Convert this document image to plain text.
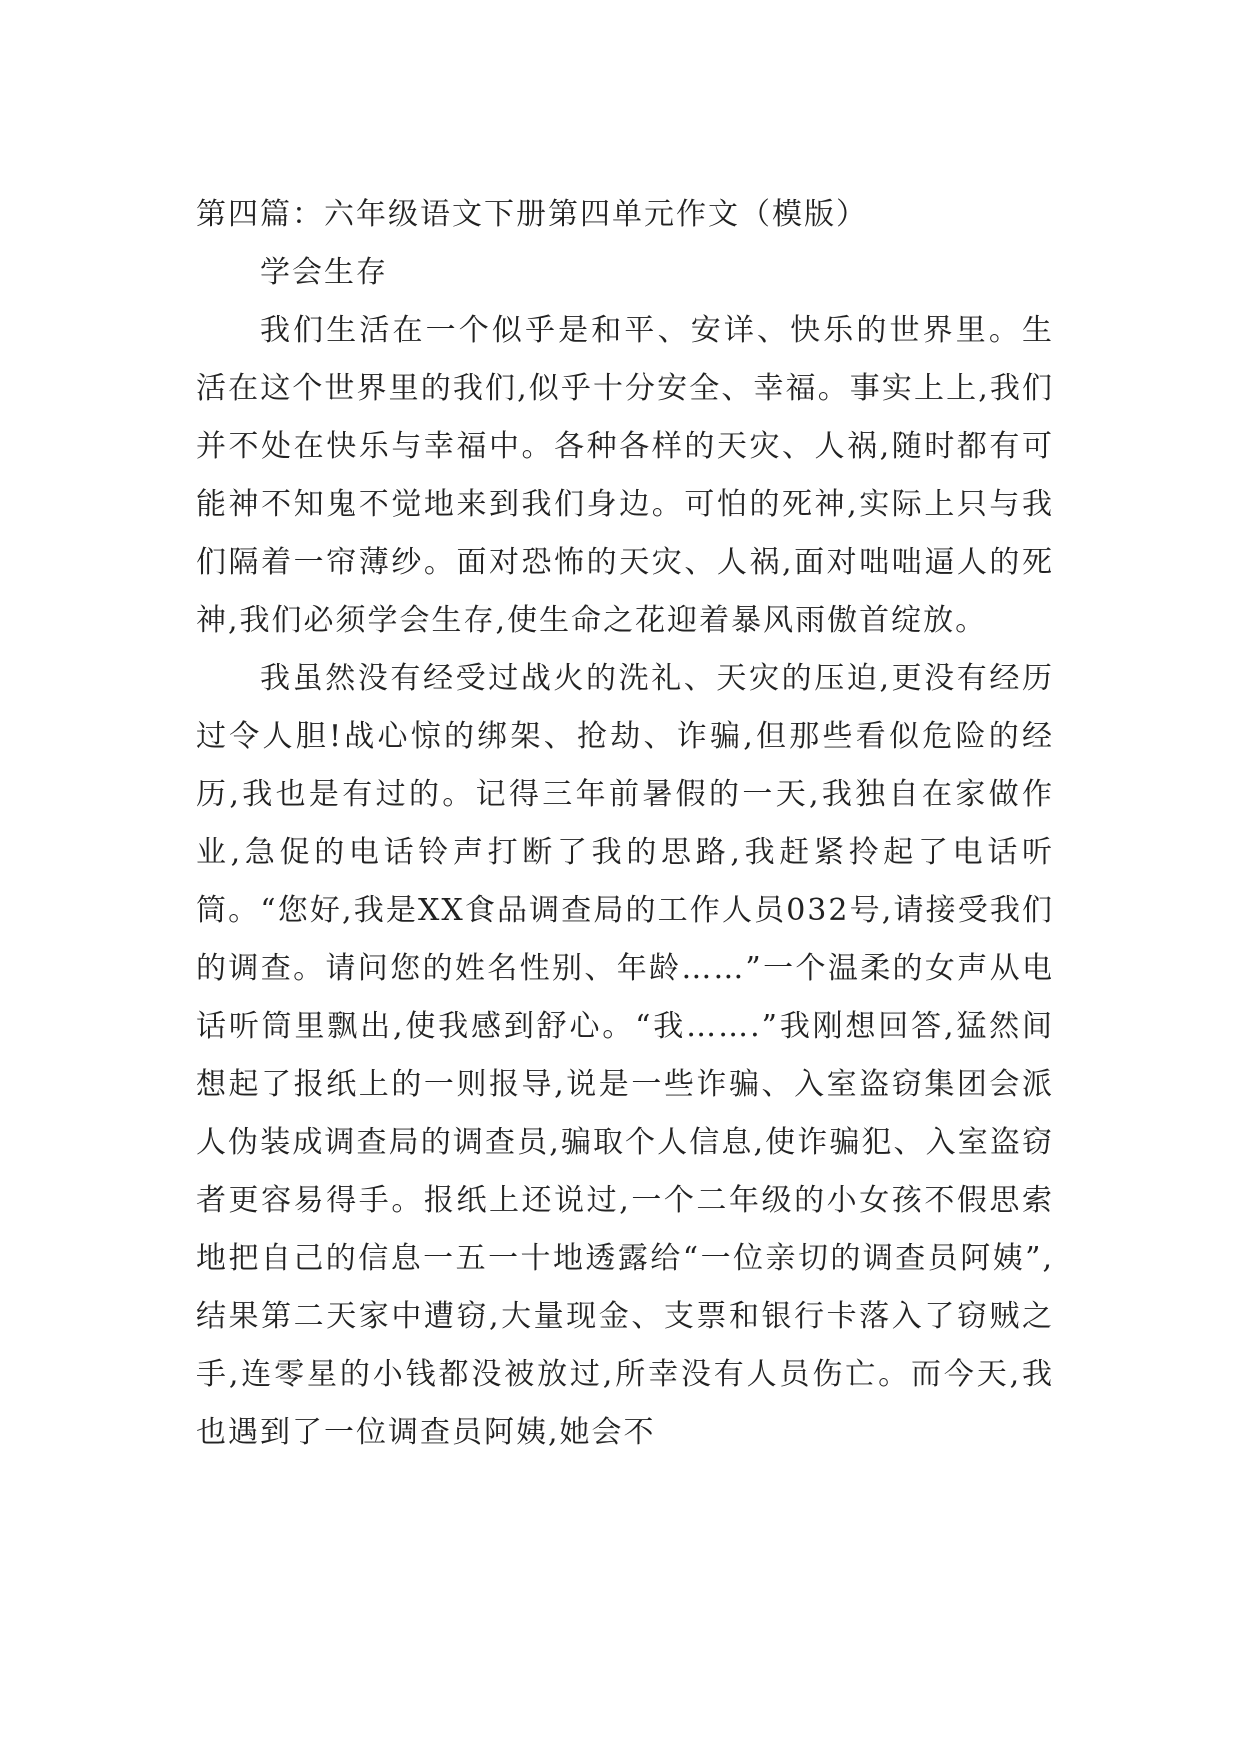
第四篇：六年级语文下册第四单元作文（模版）

学会生存

我们生活在一个似乎是和平、安详、快乐的世界里。生活在这个世界里的我们,似乎十分安全、幸福。事实上上,我们并不处在快乐与幸福中。各种各样的天灾、人祸,随时都有可能神不知鬼不觉地来到我们身边。可怕的死神,实际上只与我们隔着一帘薄纱。面对恐怖的天灾、人祸,面对咄咄逼人的死神,我们必须学会生存,使生命之花迎着暴风雨傲首绽放。

我虽然没有经受过战火的洗礼、天灾的压迫,更没有经历过令人胆!战心惊的绑架、抢劫、诈骗,但那些看似危险的经历,我也是有过的。记得三年前暑假的一天,我独自在家做作业,急促的电话铃声打断了我的思路,我赶紧拎起了电话听筒。“您好,我是XX食品调查局的工作人员032号,请接受我们的调查。请问您的姓名性别、年龄……”一个温柔的女声从电话听筒里飘出,使我感到舒心。“我…….”我刚想回答,猛然间想起了报纸上的一则报导,说是一些诈骗、入室盗窃集团会派人伪装成调查局的调查员,骗取个人信息,使诈骗犯、入室盗窃者更容易得手。报纸上还说过,一个二年级的小女孩不假思索地把自己的信息一五一十地透露给“一位亲切的调查员阿姨”,结果第二天家中遭窃,大量现金、支票和银行卡落入了窃贼之手,连零星的小钱都没被放过,所幸没有人员伤亡。而今天,我也遇到了一位调查员阿姨,她会不
